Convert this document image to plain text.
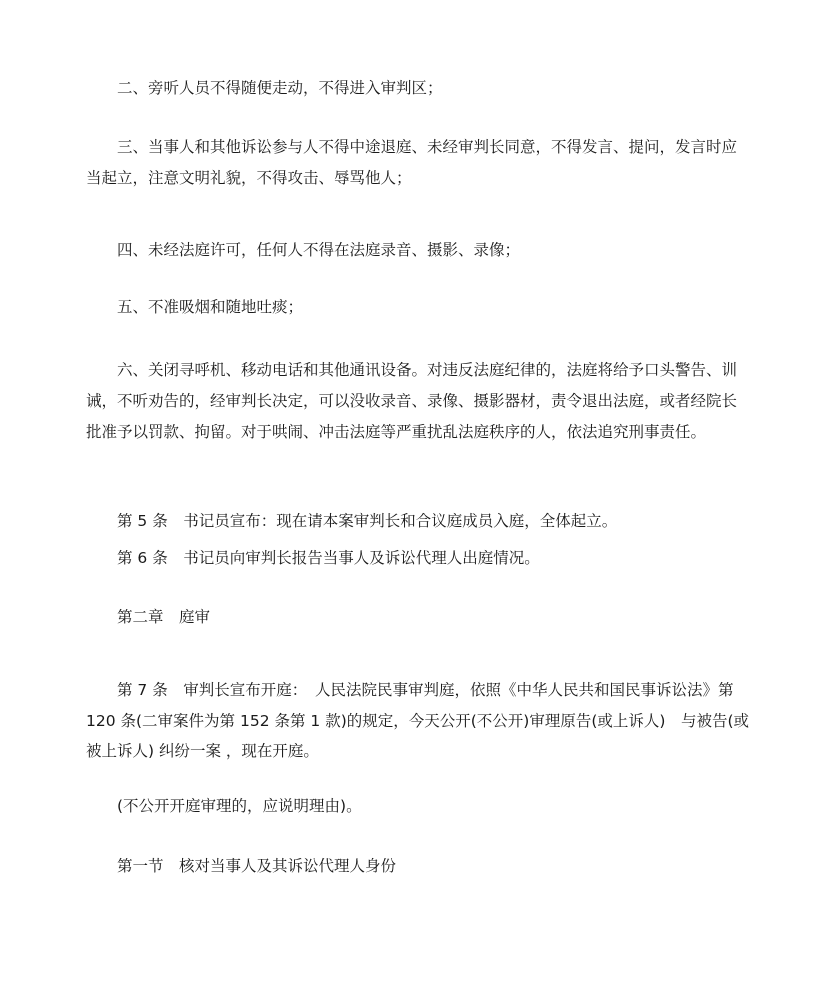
二、旁听人员不得随便走动，不得进入审判区；
三、当事人和其他诉讼参与人不得中途退庭、未经审判长同意，不得发言、提问，发言时应
当起立，注意文明礼貌，不得攻击、辱骂他人；
四、未经法庭许可，任何人不得在法庭录音、摄影、录像；
五、不准吸烟和随地吐痰；
六、关闭寻呼机、移动电话和其他通讯设备。对违反法庭纪律的，法庭将给予口头警告、训
诫，不听劝告的，经审判长决定，可以没收录音、录像、摄影器材，责令退出法庭，或者经院长
批准予以罚款、拘留。对于哄闹、冲击法庭等严重扰乱法庭秩序的人，依法追究刑事责任。
第 5 条　书记员宣布：现在请本案审判长和合议庭成员入庭，全体起立。
第 6 条　书记员向审判长报告当事人及诉讼代理人出庭情况。
第二章　庭审
第 7 条　审判长宣布开庭：　人民法院民事审判庭，依照《中华人民共和国民事诉讼法》第
120 条(二审案件为第 152 条第 1 款)的规定，今天公开(不公开)审理原告(或上诉人)　与被告(或
被上诉人) 纠纷一案 ，现在开庭。
(不公开开庭审理的，应说明理由)。
第一节　核对当事人及其诉讼代理人身份
